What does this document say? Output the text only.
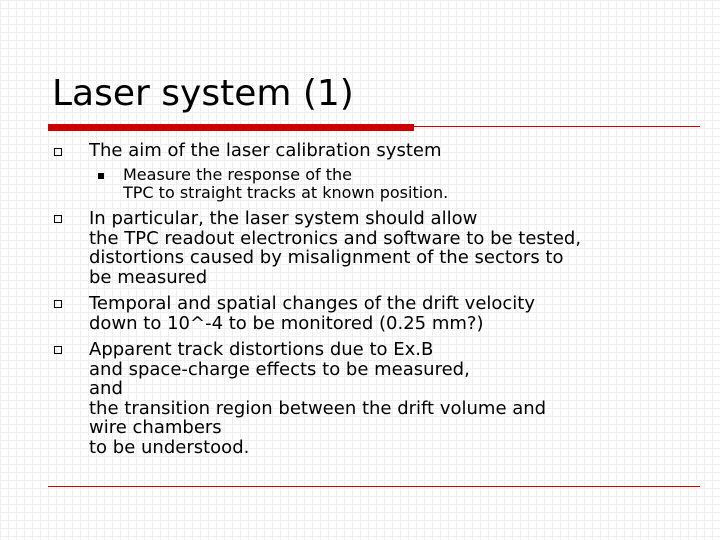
Laser system (1)

The aim of the laser calibration system

Measure the response of the
TPC to straight tracks at known position.

In particular, the laser system should allow
the TPC readout electronics and software to be tested,
distortions caused by misalignment of the sectors to
be measured

Temporal and spatial changes of the drift velocity
down to 10^-4 to be monitored (0.25 mm?)

Apparent track distortions due to Ex.B
and space-charge effects to be measured,
and
the transition region between the drift volume and
wire chambers
to be understood.
